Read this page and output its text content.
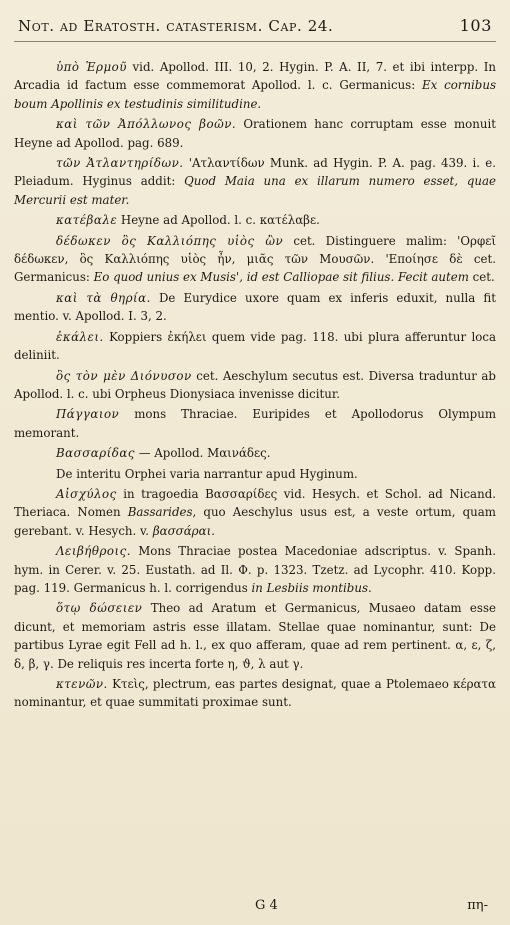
Not. ad Eratosth. catasterism. Cap. 24.	103

ὑπὸ Ἑρμοῦ vid. Apollod. III. 10, 2. Hygin. P. A. II, 7. et ibi interpp. In Arcadia id factum esse commemorat Apollod. l. c. Germanicus: Ex cornibus boum Apollinis ex testudinis similitudine.

καὶ τῶν Ἀπόλλωνος βοῶν. Orationem hanc corruptam esse monuit Heyne ad Apollod. pag. 689.

τῶν Ἀτλαντηρίδων. 'Ατλαντίδων Munk. ad Hygin. P. A. pag. 439. i. e. Pleiadum. Hyginus addit: Quod Maia una ex illarum numero esset, quae Mercurii est mater.

κατέβαλε Heyne ad Apollod. l. c. κατέλαβε.

δέδωκεν ὃς Καλλιόπης υἱὸς ὢν cet. Distinguere malim: 'Ορφεῖ δέδωκεν, ὃς Καλλιόπης υἱὸς ἦν, μιᾶς τῶν Μουσῶν. 'Εποίησε δὲ cet. Germanicus: Eo quod unius ex Musis', id est Calliopae sit filius. Fecit autem cet.

καὶ τὰ θηρία. De Eurydice uxore quam ex inferis eduxit, nulla fit mentio. v. Apollod. I. 3, 2.

ἐκάλει. Koppiers ἐκήλει quem vide pag. 118. ubi plura afferuntur loca deliniit.

ὃς τὸν μὲν Διόνυσον cet. Aeschylum secutus est. Diversa traduntur ab Apollod. l. c. ubi Orpheus Dionysiaca invenisse dicitur.

Πάγγαιον mons Thraciae. Euripides et Apollodorus Olympum memorant.

Βασσαρίδας — Apollod. Μαινάδες.

De interitu Orphei varia narrantur apud Hyginum.

Αἰσχύλος in tragoedia Βασσαρίδες vid. Hesych. et Schol. ad Nicand. Theriaca. Nomen Bassarides, quo Aeschylus usus est, a veste ortum, quam gerebant. v. Hesych. v. βασσάραι.

Λειβήθροις. Mons Thraciae postea Macedoniae adscriptus. v. Spanh. hym. in Cerer. v. 25. Eustath. ad Il. Φ. p. 1323. Tzetz. ad Lycophr. 410. Kopp. pag. 119. Germanicus h. l. corrigendus in Lesbiis montibus.

ὅτῳ δώσειεν Theo ad Aratum et Germanicus, Musaeo datam esse dicunt, et memoriam astris esse illatam. Stellae quae nominantur, sunt: De partibus Lyrae egit Fell ad h. l., ex quo afferam, quae ad rem pertinent. α, ε, ζ, δ, β, γ. De reliquis res incerta forte η, ϑ, λ aut γ.

κτενῶν. Κτεὶς, plectrum, eas partes designat, quae a Ptolemaeo κέρατα nominantur, et quae summitati proximae sunt.

G 4	πη-
